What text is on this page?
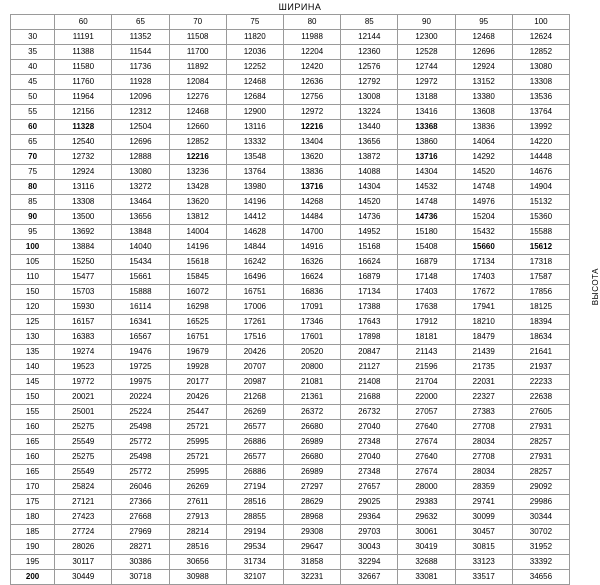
ШИРИНА
	60	65	70	75	80	85	90	95	100
30	11191	11352	11508	11820	11988	12144	12300	12468	12624
35	11388	11544	11700	12036	12204	12360	12528	12696	12852
40	11580	11736	11892	12252	12420	12576	12744	12924	13080
45	11760	11928	12084	12468	12636	12792	12972	13152	13308
50	11964	12096	12276	12684	12756	13008	13188	13380	13536
55	12156	12312	12468	12900	12972	13224	13416	13608	13764
60	11328	12504	12660	13116	12216	13440	13368	13836	13992
65	12540	12696	12852	13332	13404	13656	13860	14064	14220
70	12732	12888	12216	13548	13620	13872	13716	14292	14448
75	12924	13080	13236	13764	13836	14088	14304	14520	14676
80	13116	13272	13428	13980	13716	14304	14532	14748	14904
85	13308	13464	13620	14196	14268	14520	14748	14976	15132
90	13500	13656	13812	14412	14484	14736	14736	15204	15360
95	13692	13848	14004	14628	14700	14952	15180	15432	15588
100	13884	14040	14196	14844	14916	15168	15408	15660	15612
105	15250	15434	15618	16242	16326	16624	16879	17134	17318
110	15477	15661	15845	16496	16624	16879	17148	17403	17587
150	15703	15888	16072	16751	16836	17134	17403	17672	17856
120	15930	16114	16298	17006	17091	17388	17638	17941	18125
125	16157	16341	16525	17261	17346	17643	17912	18210	18394
130	16383	16567	16751	17516	17601	17898	18181	18479	18634
135	19274	19476	19679	20426	20520	20847	21143	21439	21641
140	19523	19725	19928	20707	20800	21127	21596	21735	21937
145	19772	19975	20177	20987	21081	21408	21704	22031	22233
150	20021	20224	20426	21268	21361	21688	22000	22327	22638
155	25001	25224	25447	26269	26372	26732	27057	27383	27605
160	25275	25498	25721	26577	26680	27040	27640	27708	27931
165	25549	25772	25995	26886	26989	27348	27674	28034	28257
160	25275	25498	25721	26577	26680	27040	27640	27708	27931
165	25549	25772	25995	26886	26989	27348	27674	28034	28257
170	25824	26046	26269	27194	27297	27657	28000	28359	29092
175	27121	27366	27611	28516	28629	29025	29383	29741	29986
180	27423	27668	27913	28855	28968	29364	29632	30099	30344
185	27724	27969	28214	29194	29308	29703	30061	30457	30702
190	28026	28271	28516	29534	29647	30043	30419	30815	31952
195	30117	30386	30656	31734	31858	32294	32688	33123	33392
200	30449	30718	30988	32107	32231	32667	33081	33517	34656
ВЫСОТА
